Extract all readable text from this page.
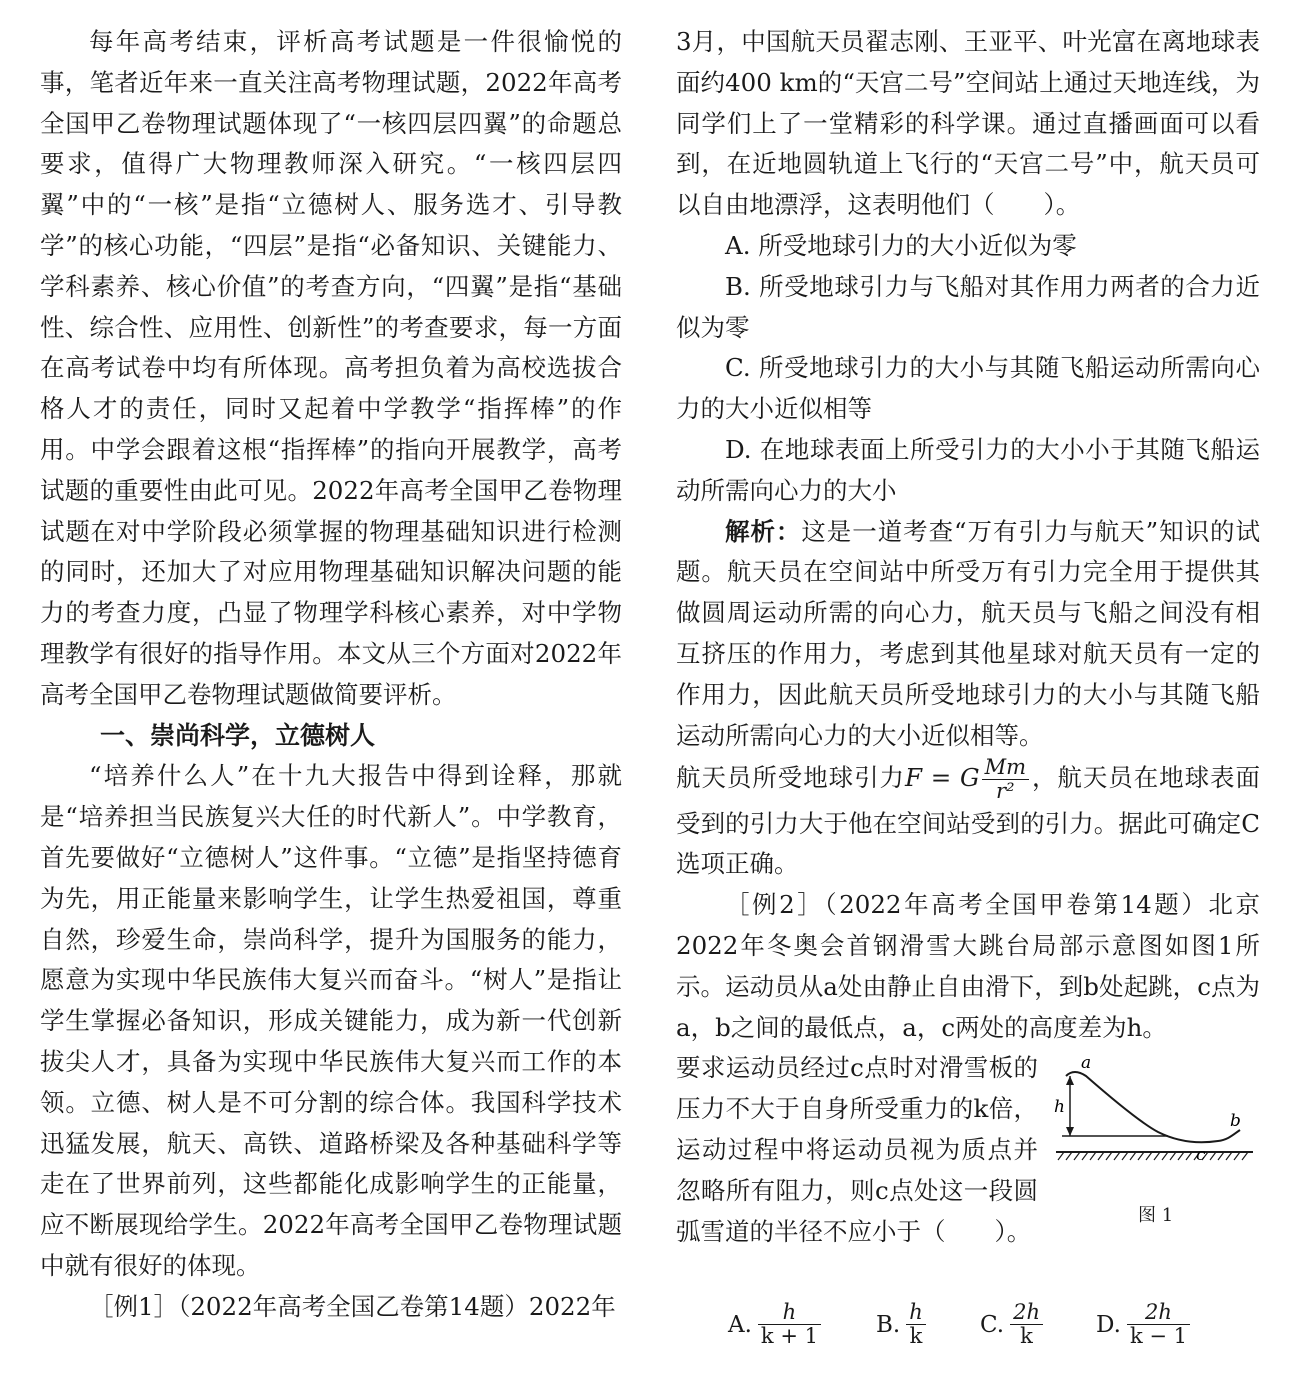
每年高考结束，评析高考试题是一件很愉悦的事，笔者近年来一直关注高考物理试题，2022年高考全国甲乙卷物理试题体现了“一核四层四翼”的命题总要求，值得广大物理教师深入研究。“一核四层四翼”中的“一核”是指“立德树人、服务选才、引导教学”的核心功能，“四层”是指“必备知识、关键能力、学科素养、核心价值”的考查方向，“四翼”是指“基础性、综合性、应用性、创新性”的考查要求，每一方面在高考试卷中均有所体现。高考担负着为高校选拔合格人才的责任，同时又起着中学教学“指挥棒”的作用。中学会跟着这根“指挥棒”的指向开展教学，高考试题的重要性由此可见。2022年高考全国甲乙卷物理试题在对中学阶段必须掌握的物理基础知识进行检测的同时，还加大了对应用物理基础知识解决问题的能力的考查力度，凸显了物理学科核心素养，对中学物理教学有很好的指导作用。本文从三个方面对2022年高考全国甲乙卷物理试题做简要评析。

一、崇尚科学，立德树人

“培养什么人”在十九大报告中得到诠释，那就是“培养担当民族复兴大任的时代新人”。中学教育，首先要做好“立德树人”这件事。“立德”是指坚持德育为先，用正能量来影响学生，让学生热爱祖国，尊重自然，珍爱生命，崇尚科学，提升为国服务的能力，愿意为实现中华民族伟大复兴而奋斗。“树人”是指让学生掌握必备知识，形成关键能力，成为新一代创新拔尖人才，具备为实现中华民族伟大复兴而工作的本领。立德、树人是不可分割的综合体。我国科学技术迅猛发展，航天、高铁、道路桥梁及各种基础科学等走在了世界前列，这些都能化成影响学生的正能量，应不断展现给学生。2022年高考全国甲乙卷物理试题中就有很好的体现。

［例1］（2022年高考全国乙卷第14题）2022年

3月，中国航天员翟志刚、王亚平、叶光富在离地球表面约400 km的“天宫二号”空间站上通过天地连线，为同学们上了一堂精彩的科学课。通过直播画面可以看到，在近地圆轨道上飞行的“天宫二号”中，航天员可以自由地漂浮，这表明他们（　　）。

A. 所受地球引力的大小近似为零

B. 所受地球引力与飞船对其作用力两者的合力近似为零

C. 所受地球引力的大小与其随飞船运动所需向心力的大小近似相等

D. 在地球表面上所受引力的大小小于其随飞船运动所需向心力的大小

解析：这是一道考查“万有引力与航天”知识的试题。航天员在空间站中所受万有引力完全用于提供其做圆周运动所需的向心力，航天员与飞船之间没有相互挤压的作用力，考虑到其他星球对航天员有一定的作用力，因此航天员所受地球引力的大小与其随飞船运动所需向心力的大小近似相等。

航天员所受地球引力F = G $\frac{Mm}{\text{r²}}$ ，航天员在地球表面受到的引力大于他在空间站受到的引力。据此可确定C选项正确。

［例2］（2022年高考全国甲卷第14题）北京2022年冬奥会首钢滑雪大跳台局部示意图如图1所示。运动员从a处由静止自由滑下，到b处起跳，c点为a，b之间的最低点，a，c两处的高度差为h。

要求运动员经过c点时对滑雪板的压力不大于自身所受重力的k倍，运动过程中将运动员视为质点并忽略所有阻力，则c点处这一段圆弧雪道的半径不应小于（　　）。

a
h
c
b
图 1
A. $\frac{h}{k + 1} B$. $\frac{h}{k} C$. $\frac{2h}{k} D$. $\frac{2h}{k - 1}$
